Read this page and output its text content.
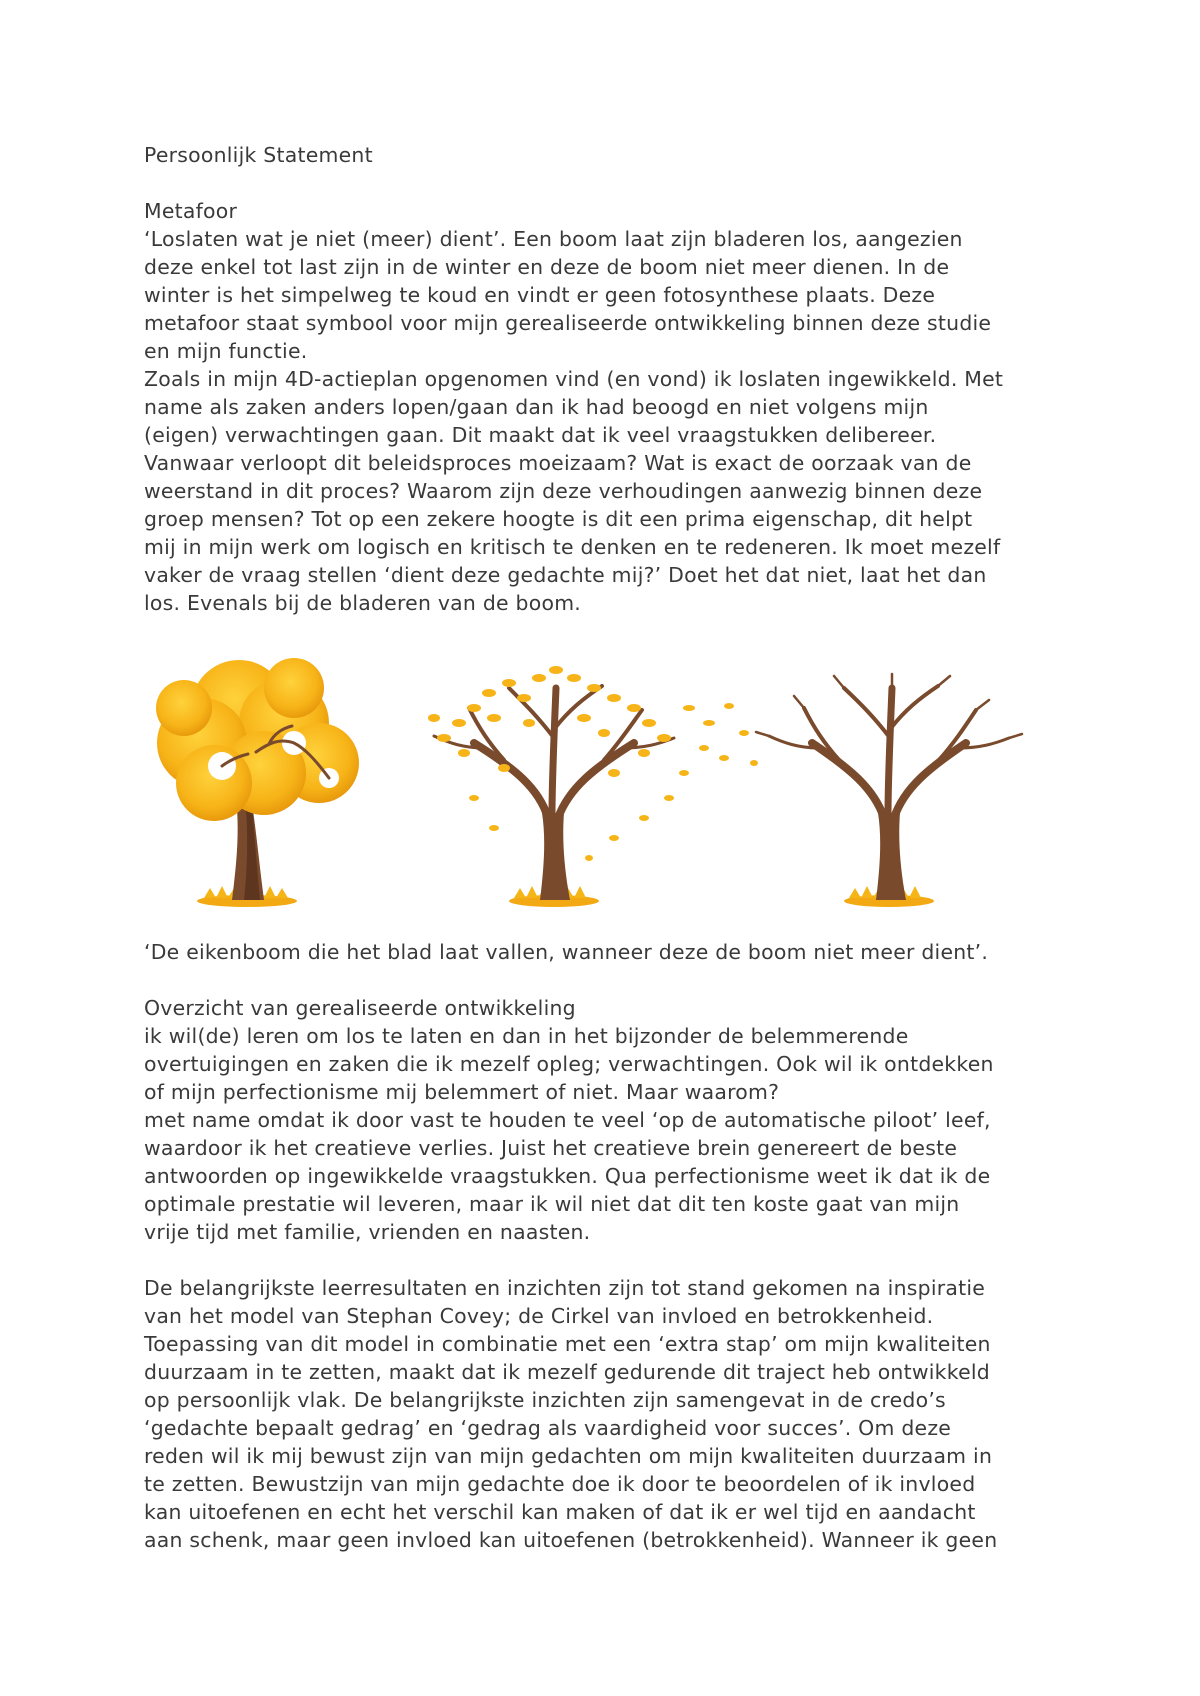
Persoonlijk Statement
Metafoor
‘Loslaten wat je niet (meer) dient’. Een boom laat zijn bladeren los, aangezien
deze enkel tot last zijn in de winter en deze de boom niet meer dienen. In de
winter is het simpelweg te koud en vindt er geen fotosynthese plaats. Deze
metafoor staat symbool voor mijn gerealiseerde ontwikkeling binnen deze studie
en mijn functie.
Zoals in mijn 4D-actieplan opgenomen vind (en vond) ik loslaten ingewikkeld. Met
name als zaken anders lopen/gaan dan ik had beoogd en niet volgens mijn
(eigen) verwachtingen gaan. Dit maakt dat ik veel vraagstukken delibereer.
Vanwaar verloopt dit beleidsproces moeizaam? Wat is exact de oorzaak van de
weerstand in dit proces? Waarom zijn deze verhoudingen aanwezig binnen deze
groep mensen? Tot op een zekere hoogte is dit een prima eigenschap, dit helpt
mij in mijn werk om logisch en kritisch te denken en te redeneren. Ik moet mezelf
vaker de vraag stellen ‘dient deze gedachte mij?’ Doet het dat niet, laat het dan
los. Evenals bij de bladeren van de boom.
‘De eikenboom die het blad laat vallen, wanneer deze de boom niet meer dient’.
Overzicht van gerealiseerde ontwikkeling
ik wil(de) leren om los te laten en dan in het bijzonder de belemmerende
overtuigingen en zaken die ik mezelf opleg; verwachtingen. Ook wil ik ontdekken
of mijn perfectionisme mij belemmert of niet. Maar waarom?
met name omdat ik door vast te houden te veel ‘op de automatische piloot’ leef,
waardoor ik het creatieve verlies. Juist het creatieve brein genereert de beste
antwoorden op ingewikkelde vraagstukken. Qua perfectionisme weet ik dat ik de
optimale prestatie wil leveren, maar ik wil niet dat dit ten koste gaat van mijn
vrije tijd met familie, vrienden en naasten.
De belangrijkste leerresultaten en inzichten zijn tot stand gekomen na inspiratie
van het model van Stephan Covey; de Cirkel van invloed en betrokkenheid.
Toepassing van dit model in combinatie met een ‘extra stap’ om mijn kwaliteiten
duurzaam in te zetten, maakt dat ik mezelf gedurende dit traject heb ontwikkeld
op persoonlijk vlak. De belangrijkste inzichten zijn samengevat in de credo’s
‘gedachte bepaalt gedrag’ en ‘gedrag als vaardigheid voor succes’. Om deze
reden wil ik mij bewust zijn van mijn gedachten om mijn kwaliteiten duurzaam in
te zetten. Bewustzijn van mijn gedachte doe ik door te beoordelen of ik invloed
kan uitoefenen en echt het verschil kan maken of dat ik er wel tijd en aandacht
aan schenk, maar geen invloed kan uitoefenen (betrokkenheid). Wanneer ik geen
